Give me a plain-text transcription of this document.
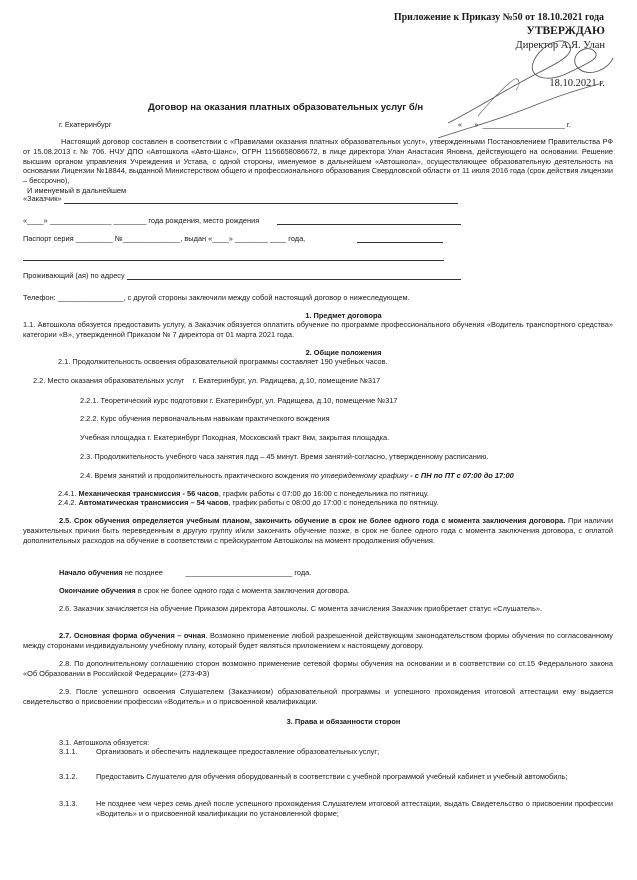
Приложение к Приказу №50 от 18.10.2021 года
УТВЕРЖДАЮ
Директор А.Я. Улан
18.10.2021 г.
Договор на оказания платных образовательных услуг б/н
г. Екатеринбург	«      »  ____________________ г.
Настоящий договор составлен в соответствии с «Правилами оказания платных образовательных услуг», утвержденными Постановлением Правительства РФ от 15.08.2013 г. № 706. НЧУ ДПО «Автошкола «Авто-Шанс», ОГРН 1156658086672, в лице директора Улан Анастасия Яновна, действующего на основании. Решение высшим органом управления Учреждения и Устава, с одной стороны, именуемое в дальнейшем «Автошкола», осуществляющее образовательную деятельность на основании Лицензии №18844, выданной Министерством общего и профессионального образования Свердловской области от 11 июля 2016 года (срок действия лицензии – бессрочно),
И именуемый в дальнейшем
«Заказчик»
«____» _______________ ________ года рождения, место рождения
Паспорт серия _________ №______________, выдан «____» ________ ____ года,
Проживающий (ая) по адресу
Телефон: ________________, с другой стороны заключили между собой настоящий договор о нижеследующем.
1. Предмет договора
1.1. Автошкола обязуется предоставить услугу, а Заказчик обязуется оплатить обучение по программе профессионального обучения «Водитель транспортного средства» категории «В», утвержденной Приказом № 7 директора от 01 марта 2021 года.
2. Общие положения
2.1. Продолжительность освоения образовательной программы составляет 190 учебных часов.
2.2. Место оказания образовательных услуг    г. Екатеринбург, ул. Радищева, д.10, помещение №317
2.2.1. Теоретический курс подготовки г. Екатеринбург, ул. Радищева, д.10, помещение №317
2.2.2. Курс обучения первоначальным навыкам практического вождения
Учебная площадка г. Екатеринбург Походная, Московский тракт 8км, закрытая площадка.
2.3. Продолжительность учебного часа занятия пдд – 45 минут. Время занятий-согласно, утвержденному расписанию.
2.4. Время занятий и продолжительность практического вождения по утвержденному графику - с ПН по ПТ с 07:00 до 17:00
2.4.1. Механическая трансмиссия - 56 часов, график работы с 07:00 до 16:00 с понедельника по пятницу.
2.4.2. Автоматическая трансмиссия – 54 часов, график работы с 08:00 до 17:00 с понедельника по пятницу.
2.5. Срок обучения определяется учебным планом, закончить обучение в срок не более одного года с момента заключения договора. При наличии уважительных причин быть переведенным в другую группу и/или закончить обучение позже, в срок не более одного года с момента заключения договора, с оплатой дополнительных расходов на обучение в соответствии с прейскурантом Автошколы на момент продолжения обучения.
Начало обучения не позднее           __________________________ года.
Окончание обучения в срок не более одного года с момента заключения договора.
2.6. Заказчик зачисляется на обучение Приказом директора Автошколы. С момента зачисления Заказчик приобретает статус «Слушатель».
2.7. Основная форма обучения – очная. Возможно применение любой разрешенной действующим законодательством формы обучения по согласованному между сторонами индивидуальному учебному плану, который будет являться приложением к настоящему договору.
2.8. По дополнительному соглашению сторон возможно применение сетевой формы обучения на основании и в соответствии со ст.15 Федерального закона «Об Образовании в Российской Федерации» (273-ФЗ)
2.9. После успешного освоения Слушателем (Заказчиком) образовательной программы и успешного прохождения итоговой аттестации ему выдается свидетельство о присвоении профессии «Водитель» и о присвоенной квалификации.
3. Права и обязанности сторон
3.1. Автошкола обязуется:
3.1.1.	Организовать и обеспечить надлежащее предоставление образовательных услуг;
3.1.2.	Предоставить Слушателю для обучения оборудованный в соответствии с учебной программой учебный кабинет и учебный автомобиль;
3.1.3.	Не позднее чем через семь дней после успешного прохождения Слушателем итоговой аттестации, выдать Свидетельство о присвоении профессии «Водитель» и о присвоенной квалификации по установленной форме;
